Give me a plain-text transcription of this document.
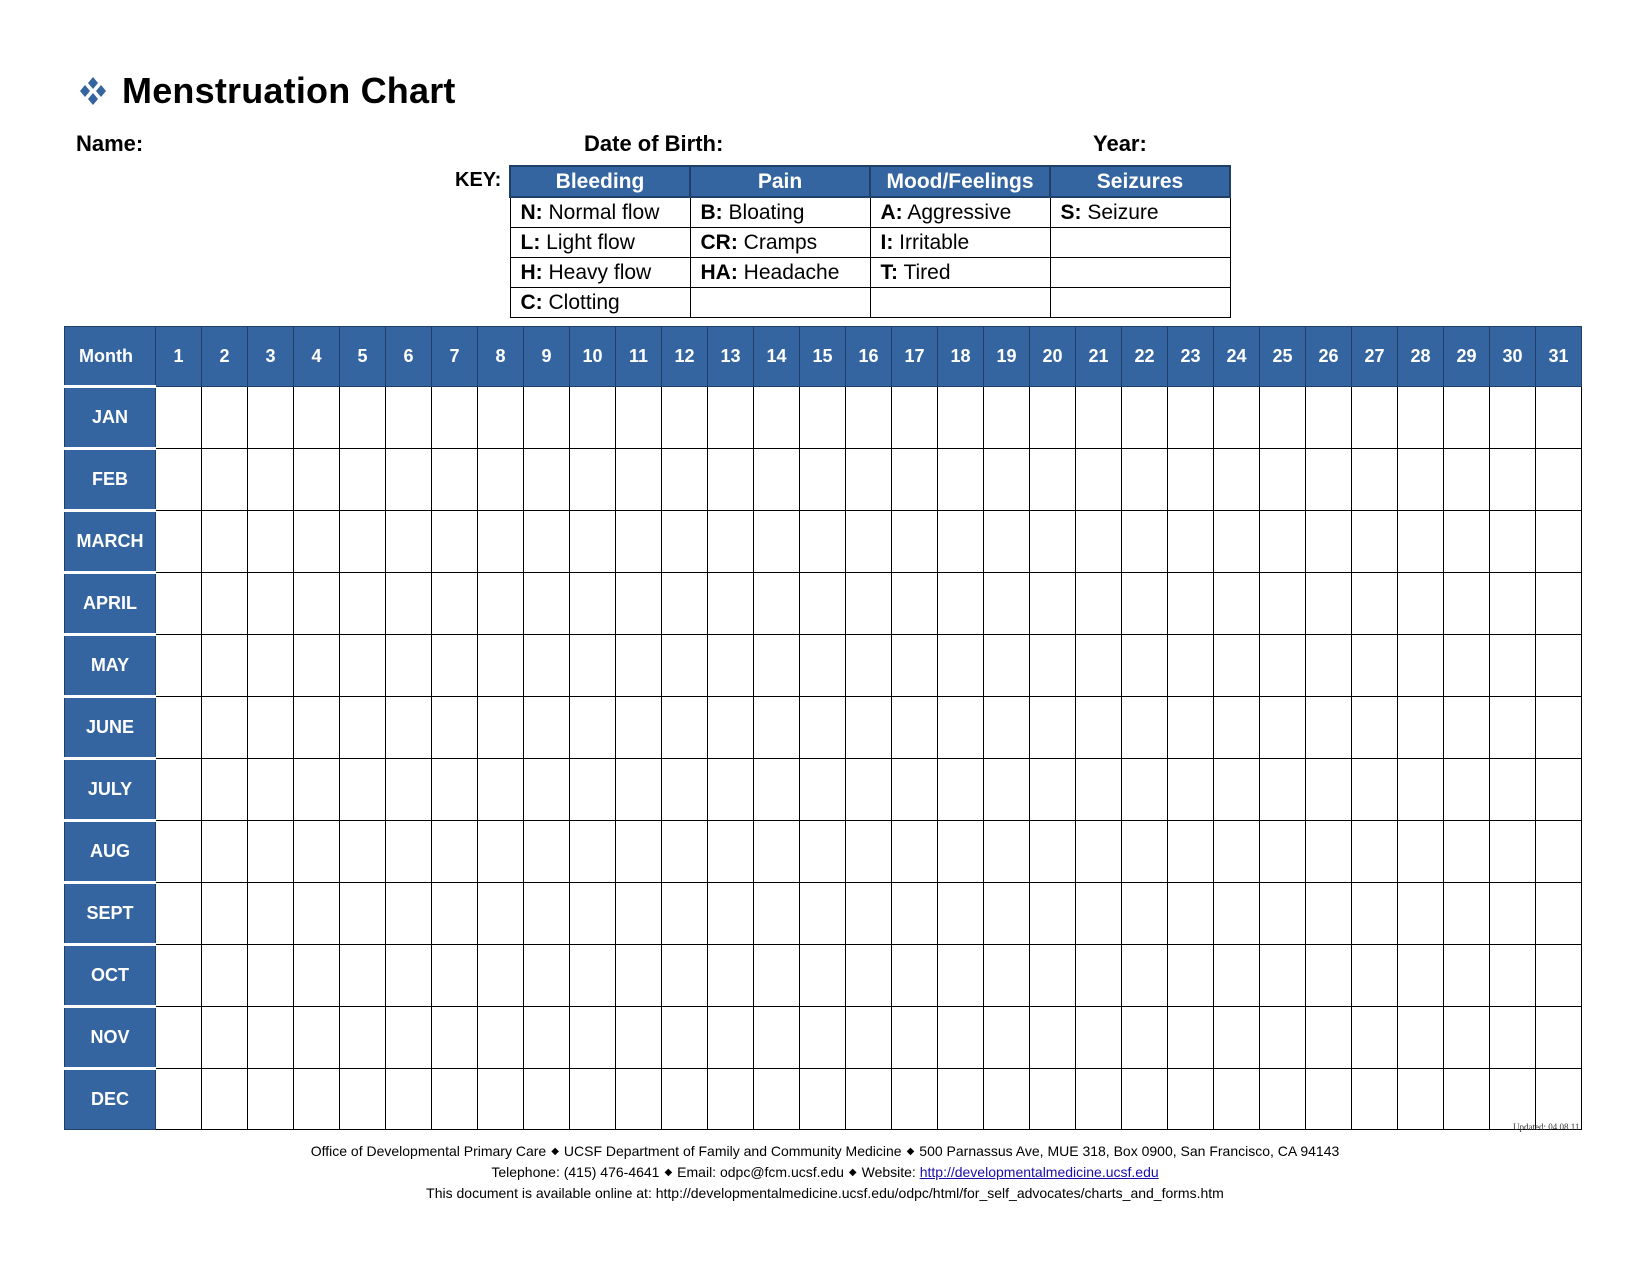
Menstruation Chart
Name:	Date of Birth:	Year:
KEY:	Bleeding	Pain	Mood/Feelings	Seizures
N: Normal flow	B: Bloating	A: Aggressive	S: Seizure
L: Light flow	CR: Cramps	I: Irritable	
H: Heavy flow	HA: Headache	T: Tired	
C: Clotting			
Month	1	2	3	4	5	6	7	8	9	10	11	12	13	14	15	16	17	18	19	20	21	22	23	24	25	26	27	28	29	30	31
JAN																															
FEB																															
MARCH																															
APRIL																															
MAY																															
JUNE																															
JULY																															
AUG																															
SEPT																															
OCT																															
NOV																															
DEC																															
Updated: 04.08.11
Office of Developmental Primary Care ◆ UCSF Department of Family and Community Medicine ◆ 500 Parnassus Ave, MUE 318, Box 0900, San Francisco, CA 94143
Telephone: (415) 476-4641 ◆ Email: odpc@fcm.ucsf.edu ◆ Website: http://developmentalmedicine.ucsf.edu
This document is available online at: http://developmentalmedicine.ucsf.edu/odpc/html/for_self_advocates/charts_and_forms.htm
